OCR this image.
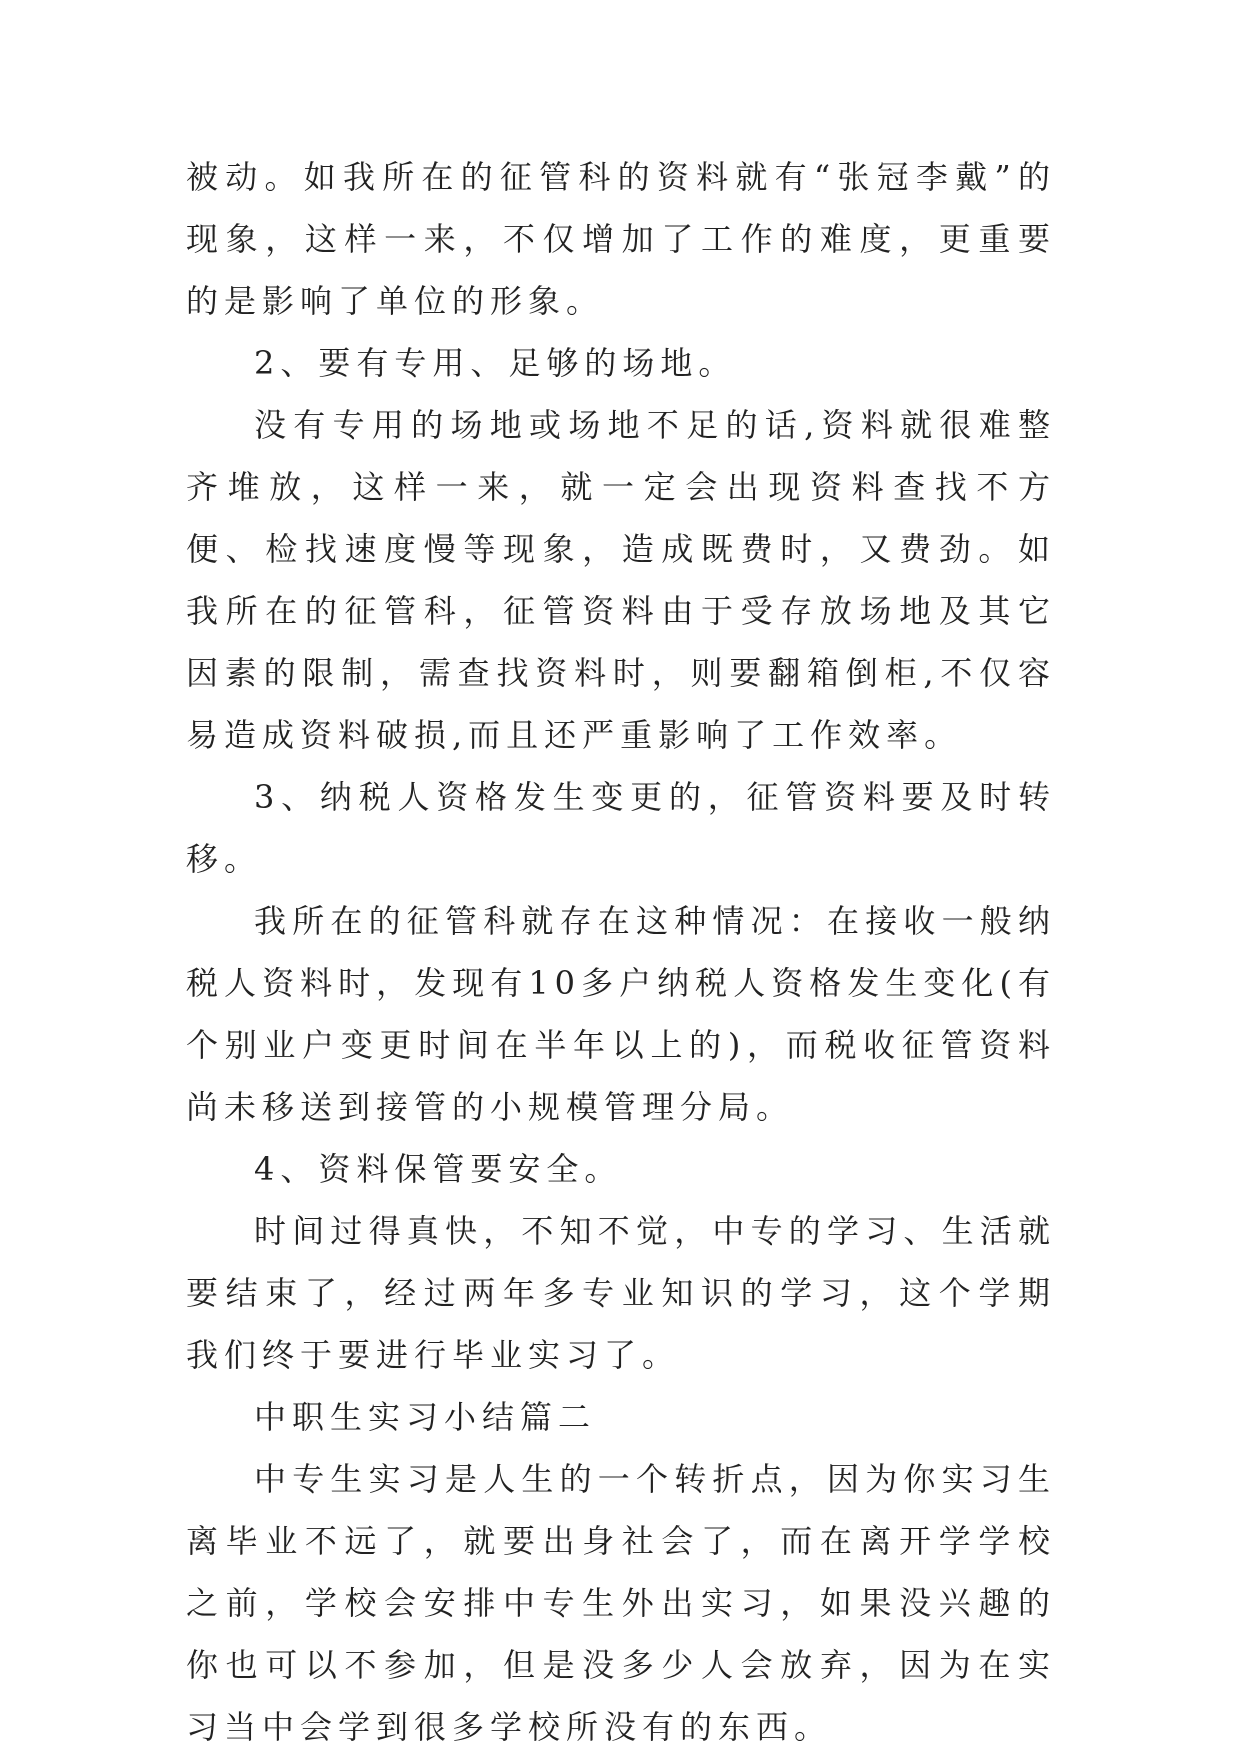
被动。如我所在的征管科的资料就有“张冠李戴”的现象，这样一来，不仅增加了工作的难度，更重要的是影响了单位的形象。

2、要有专用、足够的场地。

没有专用的场地或场地不足的话,资料就很难整齐堆放，这样一来，就一定会出现资料查找不方便、检找速度慢等现象，造成既费时，又费劲。如我所在的征管科，征管资料由于受存放场地及其它因素的限制，需查找资料时，则要翻箱倒柜,不仅容易造成资料破损,而且还严重影响了工作效率。

3、纳税人资格发生变更的，征管资料要及时转移。

我所在的征管科就存在这种情况：在接收一般纳税人资料时，发现有10多户纳税人资格发生变化(有个别业户变更时间在半年以上的)，而税收征管资料尚未移送到接管的小规模管理分局。

4、资料保管要安全。

时间过得真快，不知不觉，中专的学习、生活就要结束了，经过两年多专业知识的学习，这个学期我们终于要进行毕业实习了。

中职生实习小结篇二

中专生实习是人生的一个转折点，因为你实习生离毕业不远了，就要出身社会了，而在离开学学校之前，学校会安排中专生外出实习，如果没兴趣的你也可以不参加，但是没多少人会放弃，因为在实习当中会学到很多学校所没有的东西。
